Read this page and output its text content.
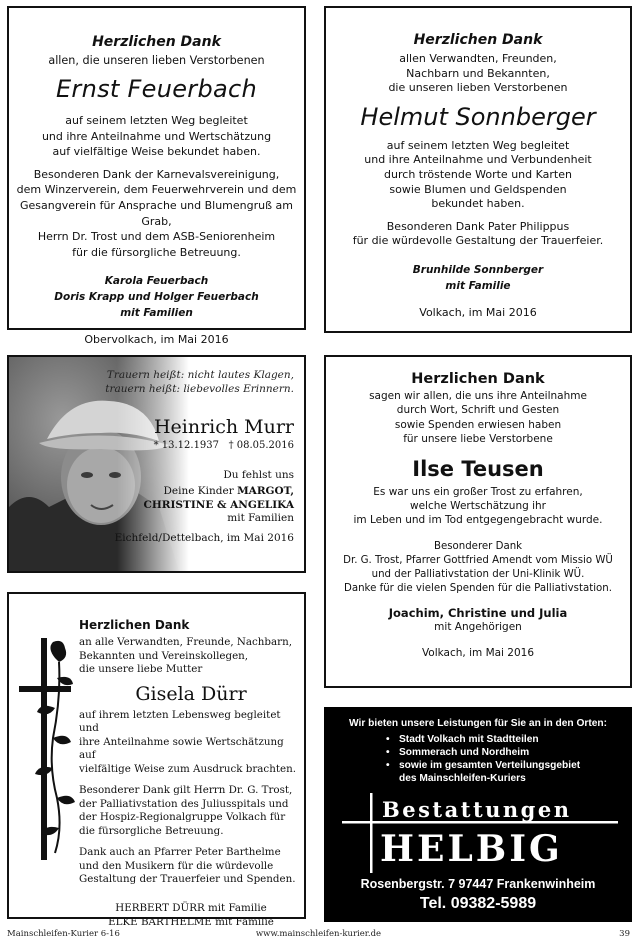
Herzlichen Dank
allen, die unseren lieben Verstorbenen
Ernst Feuerbach
auf seinem letzten Weg begleitet
und ihre Anteilnahme und Wertschätzung
auf vielfältige Weise bekundet haben.
Besonderen Dank der Karnevalsvereinigung,
dem Winzerverein, dem Feuerwehrverein und dem
Gesangverein für Ansprache und Blumengruß am Grab,
Herrn Dr. Trost und dem ASB-Seniorenheim
für die fürsorgliche Betreuung.
Karola Feuerbach
Doris Krapp und Holger Feuerbach
mit Familien
Obervolkach, im Mai 2016
Herzlichen Dank
allen Verwandten, Freunden,
Nachbarn und Bekannten,
die unseren lieben Verstorbenen
Helmut Sonnberger
auf seinem letzten Weg begleitet
und ihre Anteilnahme und Verbundenheit
durch tröstende Worte und Karten
sowie Blumen und Geldspenden
bekundet haben.
Besonderen Dank Pater Philippus
für die würdevolle Gestaltung der Trauerfeier.
Brunhilde Sonnberger
mit Familie
Volkach, im Mai 2016
Trauern heißt: nicht lautes Klagen,
trauern heißt: liebevolles Erinnern.
Heinrich Murr
* 13.12.1937 † 08.05.2016
Du fehlst uns
Deine Kinder MARGOT,
CHRISTINE & ANGELIKA
mit Familien
Eichfeld/Dettelbach, im Mai 2016
Herzlichen Dank
sagen wir allen, die uns ihre Anteilnahme
durch Wort, Schrift und Gesten
sowie Spenden erwiesen haben
für unsere liebe Verstorbene
Ilse Teusen
Es war uns ein großer Trost zu erfahren,
welche Wertschätzung ihr
im Leben und im Tod entgegengebracht wurde.
Besonderer Dank
Dr. G. Trost, Pfarrer Gottfried Amendt vom Missio WÜ
und der Palliativstation der Uni-Klinik WÜ.
Danke für die vielen Spenden für die Palliativstation.
Joachim, Christine und Julia
mit Angehörigen
Volkach, im Mai 2016
Herzlichen Dank
an alle Verwandten, Freunde, Nachbarn,
Bekannten und Vereinskollegen,
die unsere liebe Mutter
Gisela Dürr
auf ihrem letzten Lebensweg begleitet und
ihre Anteilnahme sowie Wertschätzung auf
vielfältige Weise zum Ausdruck brachten.
Besonderer Dank gilt Herrn Dr. G. Trost,
der Palliativstation des Juliusspitals und
der Hospiz-Regionalgruppe Volkach für
die fürsorgliche Betreuung.
Dank auch an Pfarrer Peter Barthelme
und den Musikern für die würdevolle
Gestaltung der Trauerfeier und Spenden.
HERBERT DÜRR mit Familie
ELKE BARTHELME mit Familie
Wir bieten unsere Leistungen für Sie an in den Orten:
• Stadt Volkach mit Stadtteilen
• Sommerach und Nordheim
• sowie im gesamten Verteilungsgebiet
des Mainschleifen-Kuriers
Bestattungen
HELBIG
Rosenbergstr. 7 97447 Frankenwinheim
Tel. 09382-5989
Mainschleifen-Kurier 6-16	www.mainschleifen-kurier.de	39
